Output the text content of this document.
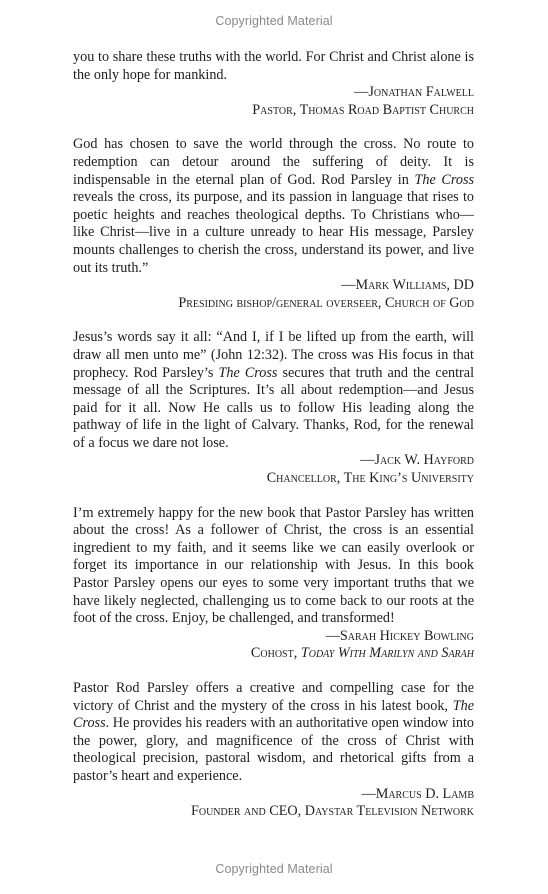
Copyrighted Material

you to share these truths with the world. For Christ and Christ alone is the only hope for mankind.

—Jonathan Falwell
Pastor, Thomas Road Baptist Church

God has chosen to save the world through the cross. No route to redemption can detour around the suffering of deity. It is indispensable in the eternal plan of God. Rod Parsley in The Cross reveals the cross, its purpose, and its passion in language that rises to poetic heights and reaches theological depths. To Christians who—like Christ—live in a culture unready to hear His message, Parsley mounts challenges to cherish the cross, understand its power, and live out its truth.”

—Mark Williams, DD
Presiding bishop/general overseer, Church of God

Jesus’s words say it all: “And I, if I be lifted up from the earth, will draw all men unto me” (John 12:32). The cross was His focus in that prophecy. Rod Parsley’s The Cross secures that truth and the central message of all the Scriptures. It’s all about redemption—and Jesus paid for it all. Now He calls us to follow His leading along the pathway of life in the light of Calvary. Thanks, Rod, for the renewal of a focus we dare not lose.

—Jack W. Hayford
Chancellor, The King’s University

I’m extremely happy for the new book that Pastor Parsley has written about the cross! As a follower of Christ, the cross is an essential ingredient to my faith, and it seems like we can easily overlook or forget its importance in our relationship with Jesus. In this book Pastor Parsley opens our eyes to some very important truths that we have likely neglected, challenging us to come back to our roots at the foot of the cross. Enjoy, be challenged, and transformed!

—Sarah Hickey Bowling
Cohost, Today With Marilyn and Sarah

Pastor Rod Parsley offers a creative and compelling case for the victory of Christ and the mystery of the cross in his latest book, The Cross. He provides his readers with an authoritative open window into the power, glory, and magnificence of the cross of Christ with theological precision, pastoral wisdom, and rhetorical gifts from a pastor’s heart and experience.

—Marcus D. Lamb
Founder and CEO, Daystar Television Network
Copyrighted Material
